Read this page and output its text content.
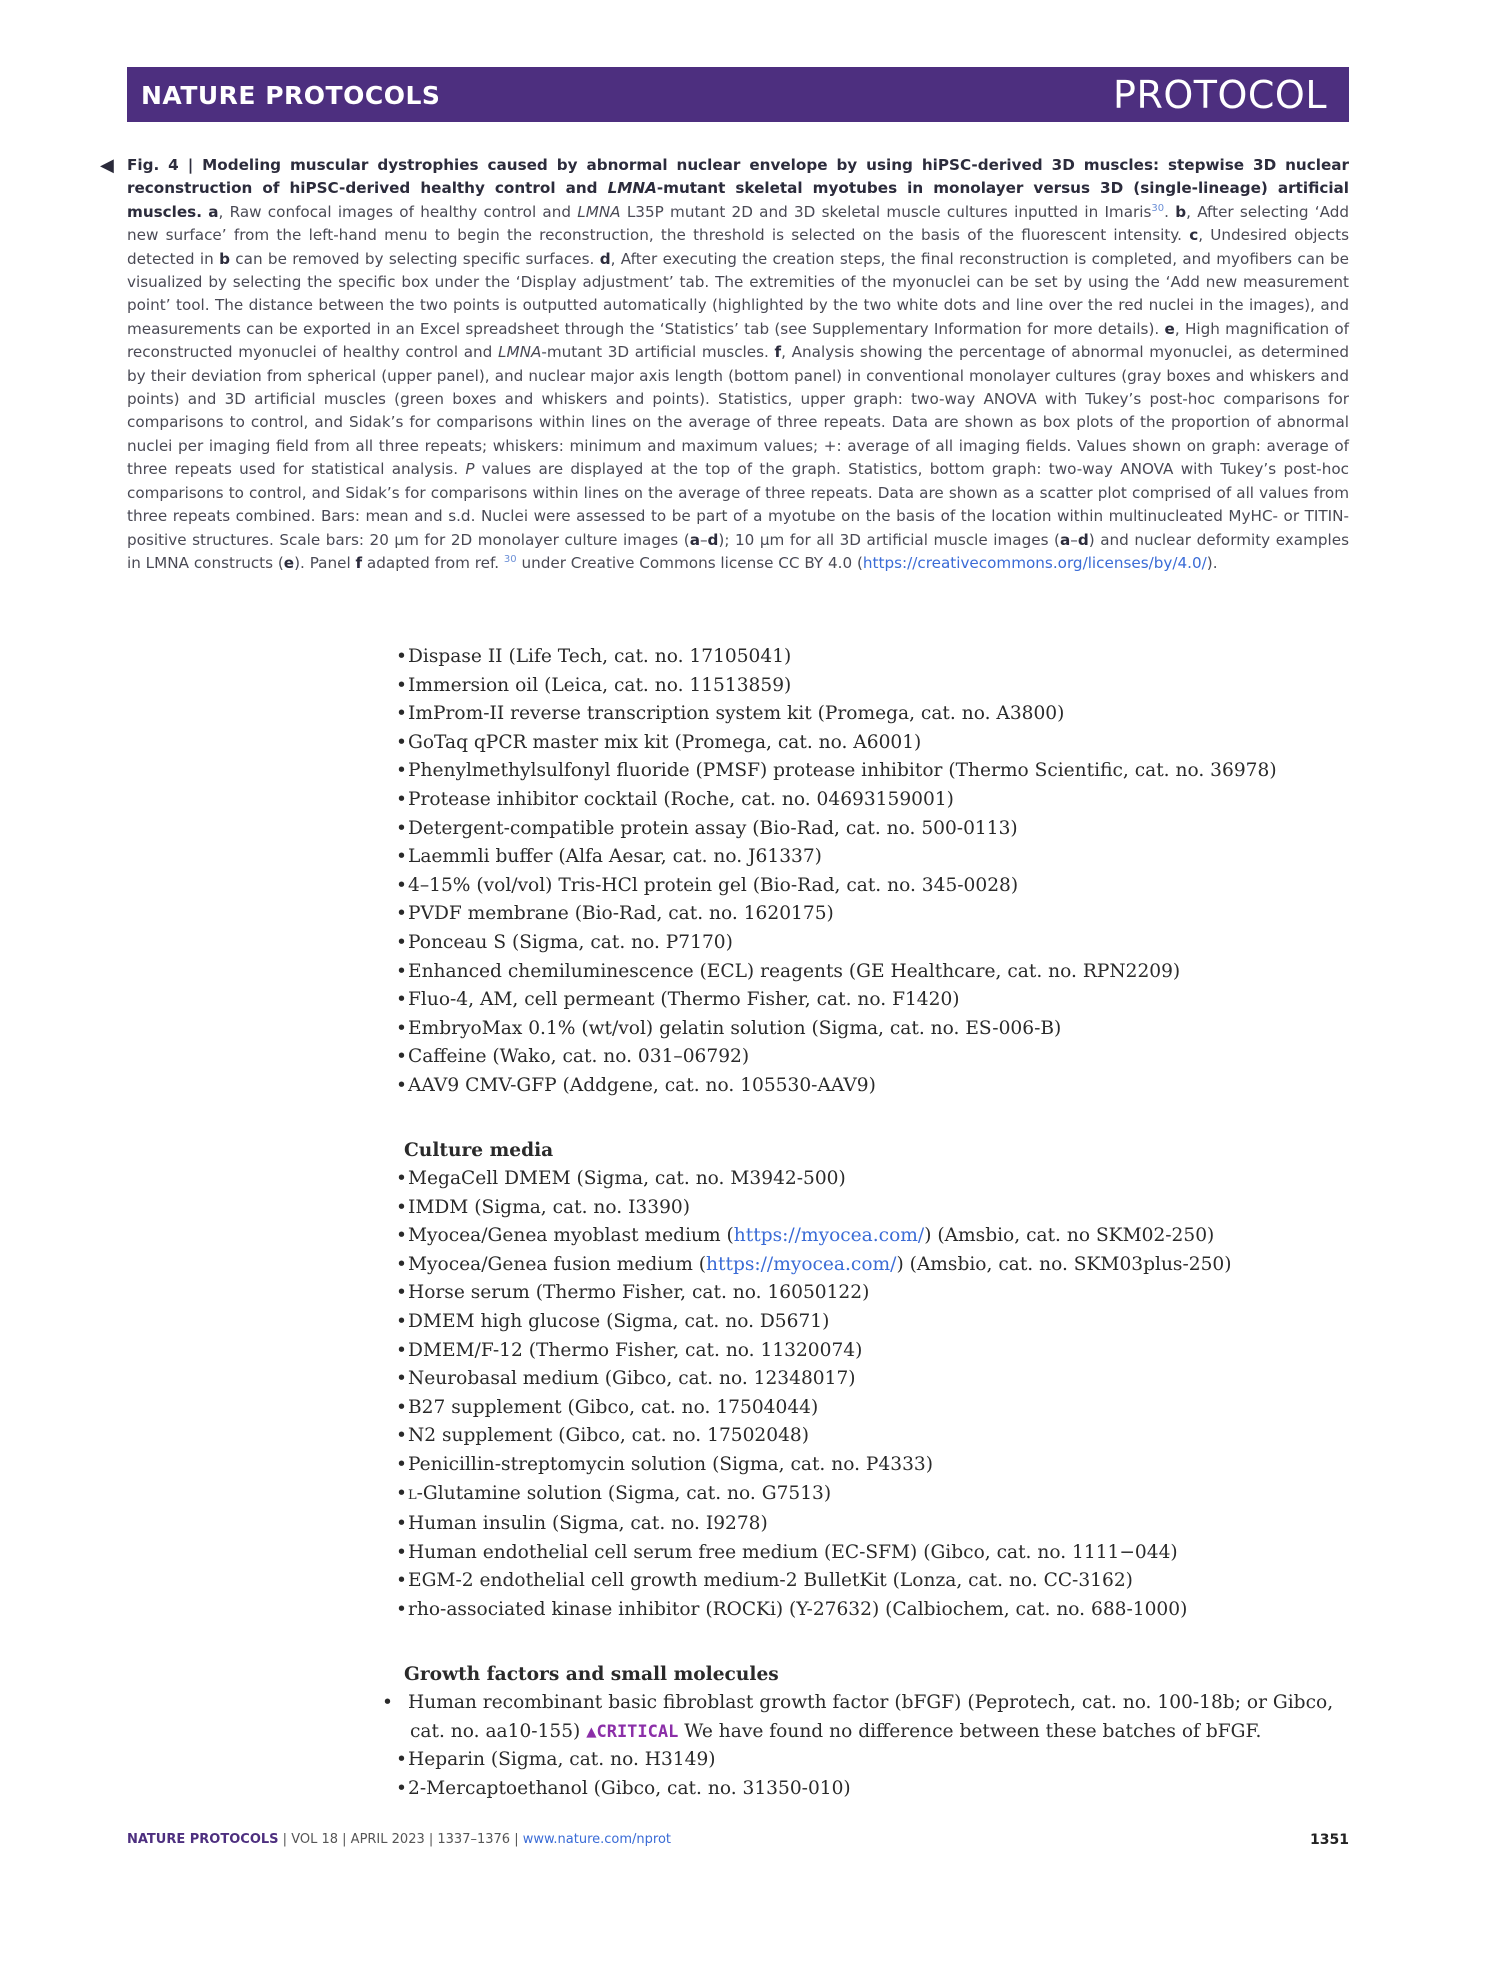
NATURE PROTOCOLS	PROTOCOL
◀ Fig. 4 | Modeling muscular dystrophies caused by abnormal nuclear envelope by using hiPSC-derived 3D muscles: stepwise 3D nuclear reconstruction of hiPSC-derived healthy control and LMNA-mutant skeletal myotubes in monolayer versus 3D (single-lineage) artificial muscles. a, Raw confocal images of healthy control and LMNA L35P mutant 2D and 3D skeletal muscle cultures inputted in Imaris$^{30}$. b, After selecting ‘Add new surface’ from the left-hand menu to begin the reconstruction, the threshold is selected on the basis of the fluorescent intensity. c, Undesired objects detected in b can be removed by selecting specific surfaces. d, After executing the creation steps, the final reconstruction is completed, and myofibers can be visualized by selecting the specific box under the ‘Display adjustment’ tab. The extremities of the myonuclei can be set by using the ‘Add new measurement point’ tool. The distance between the two points is outputted automatically (highlighted by the two white dots and line over the red nuclei in the images), and measurements can be exported in an Excel spreadsheet through the ‘Statistics’ tab (see Supplementary Information for more details). e, High magnification of reconstructed myonuclei of healthy control and LMNA-mutant 3D artificial muscles. f, Analysis showing the percentage of abnormal myonuclei, as determined by their deviation from spherical (upper panel), and nuclear major axis length (bottom panel) in conventional monolayer cultures (gray boxes and whiskers and points) and 3D artificial muscles (green boxes and whiskers and points). Statistics, upper graph: two-way ANOVA with Tukey’s post-hoc comparisons for comparisons to control, and Sidak’s for comparisons within lines on the average of three repeats. Data are shown as box plots of the proportion of abnormal nuclei per imaging field from all three repeats; whiskers: minimum and maximum values; +: average of all imaging fields. Values shown on graph: average of three repeats used for statistical analysis. P values are displayed at the top of the graph. Statistics, bottom graph: two-way ANOVA with Tukey’s post-hoc comparisons to control, and Sidak’s for comparisons within lines on the average of three repeats. Data are shown as a scatter plot comprised of all values from three repeats combined. Bars: mean and s.d. Nuclei were assessed to be part of a myotube on the basis of the location within multinucleated MyHC- or TITIN-positive structures. Scale bars: 20 μm for 2D monolayer culture images (a–d); 10 μm for all 3D artificial muscle images (a–d) and nuclear deformity examples in LMNA constructs (e). Panel f adapted from ref. $^{30}$ under Creative Commons license CC BY 4.0 (https://creativecommons.org/licenses/by/4.0/).
•Dispase II (Life Tech, cat. no. 17105041)
•Immersion oil (Leica, cat. no. 11513859)
•ImProm-II reverse transcription system kit (Promega, cat. no. A3800)
•GoTaq qPCR master mix kit (Promega, cat. no. A6001)
•Phenylmethylsulfonyl fluoride (PMSF) protease inhibitor (Thermo Scientific, cat. no. 36978)
•Protease inhibitor cocktail (Roche, cat. no. 04693159001)
•Detergent-compatible protein assay (Bio-Rad, cat. no. 500-0113)
•Laemmli buffer (Alfa Aesar, cat. no. J61337)
•4–15% (vol/vol) Tris-HCl protein gel (Bio-Rad, cat. no. 345-0028)
•PVDF membrane (Bio-Rad, cat. no. 1620175)
•Ponceau S (Sigma, cat. no. P7170)
•Enhanced chemiluminescence (ECL) reagents (GE Healthcare, cat. no. RPN2209)
•Fluo-4, AM, cell permeant (Thermo Fisher, cat. no. F1420)
•EmbryoMax 0.1% (wt/vol) gelatin solution (Sigma, cat. no. ES-006-B)
•Caffeine (Wako, cat. no. 031–06792)
•AAV9 CMV-GFP (Addgene, cat. no. 105530-AAV9)
Culture media
•MegaCell DMEM (Sigma, cat. no. M3942-500)
•IMDM (Sigma, cat. no. I3390)
•Myocea/Genea myoblast medium (https://myocea.com/) (Amsbio, cat. no SKM02-250)
•Myocea/Genea fusion medium (https://myocea.com/) (Amsbio, cat. no. SKM03plus-250)
•Horse serum (Thermo Fisher, cat. no. 16050122)
•DMEM high glucose (Sigma, cat. no. D5671)
•DMEM/F-12 (Thermo Fisher, cat. no. 11320074)
•Neurobasal medium (Gibco, cat. no. 12348017)
•B27 supplement (Gibco, cat. no. 17504044)
•N2 supplement (Gibco, cat. no. 17502048)
•Penicillin-streptomycin solution (Sigma, cat. no. P4333)
•L-Glutamine solution (Sigma, cat. no. G7513)
•Human insulin (Sigma, cat. no. I9278)
•Human endothelial cell serum free medium (EC-SFM) (Gibco, cat. no. 1111−044)
•EGM-2 endothelial cell growth medium-2 BulletKit (Lonza, cat. no. CC-3162)
•rho-associated kinase inhibitor (ROCKi) (Y-27632) (Calbiochem, cat. no. 688-1000)
Growth factors and small molecules
• Human recombinant basic fibroblast growth factor (bFGF) (Peprotech, cat. no. 100-18b; or Gibco, cat. no. aa10-155) ▲CRITICAL We have found no difference between these batches of bFGF.
•Heparin (Sigma, cat. no. H3149)
•2-Mercaptoethanol (Gibco, cat. no. 31350-010)
NATURE PROTOCOLS | VOL 18 | APRIL 2023 | 1337–1376 | www.nature.com/nprot	1351
